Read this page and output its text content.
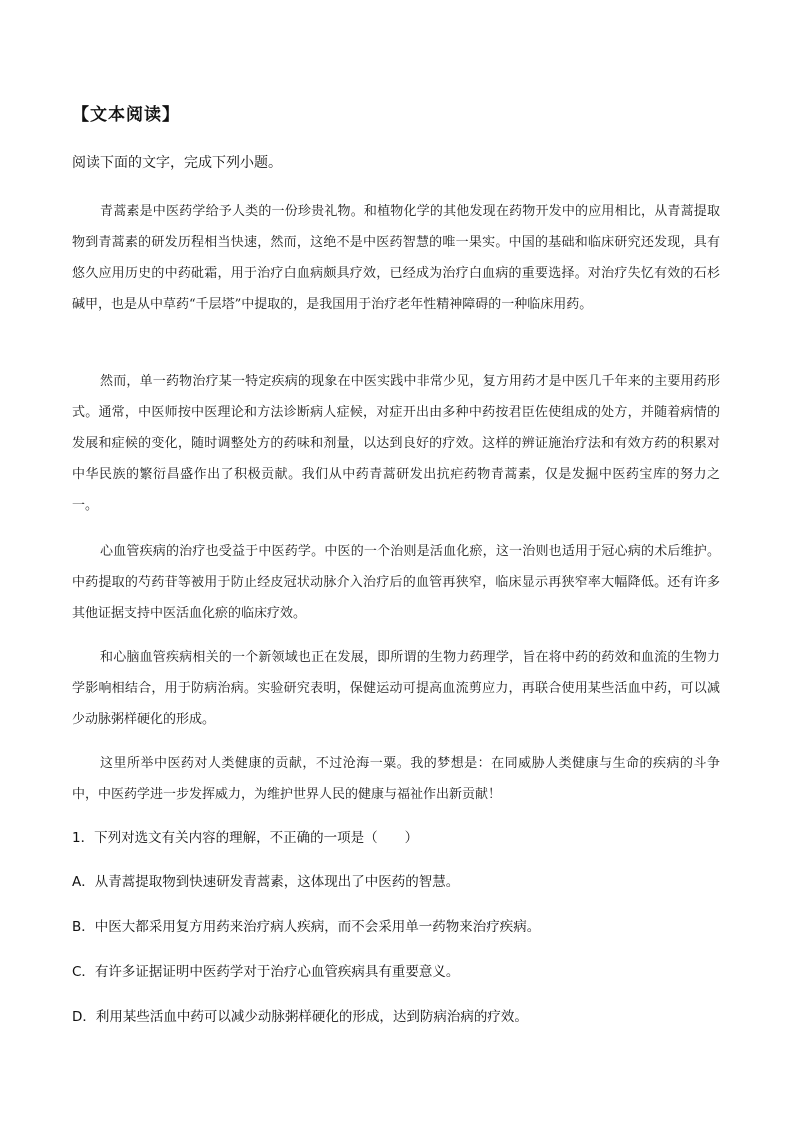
【文本阅读】
阅读下面的文字，完成下列小题。
青蒿素是中医药学给予人类的一份珍贵礼物。和植物化学的其他发现在药物开发中的应用相比，从青蒿提取物到青蒿素的研发历程相当快速，然而，这绝不是中医药智慧的唯一果实。中国的基础和临床研究还发现，具有悠久应用历史的中药砒霜，用于治疗白血病颇具疗效，已经成为治疗白血病的重要选择。对治疗失忆有效的石杉碱甲，也是从中草药“千层塔”中提取的，是我国用于治疗老年性精神障碍的一种临床用药。
然而，单一药物治疗某一特定疾病的现象在中医实践中非常少见，复方用药才是中医几千年来的主要用药形式。通常，中医师按中医理论和方法诊断病人症候，对症开出由多种中药按君臣佐使组成的处方，并随着病情的发展和症候的变化，随时调整处方的药味和剂量，以达到良好的疗效。这样的辨证施治疗法和有效方药的积累对中华民族的繁衍昌盛作出了积极贡献。我们从中药青蒿研发出抗疟药物青蒿素，仅是发掘中医药宝库的努力之一。
心血管疾病的治疗也受益于中医药学。中医的一个治则是活血化瘀，这一治则也适用于冠心病的术后维护。中药提取的芍药苷等被用于防止经皮冠状动脉介入治疗后的血管再狭窄，临床显示再狭窄率大幅降低。还有许多其他证据支持中医活血化瘀的临床疗效。
和心脑血管疾病相关的一个新领域也正在发展，即所谓的生物力药理学，旨在将中药的药效和血流的生物力学影响相结合，用于防病治病。实验研究表明，保健运动可提高血流剪应力，再联合使用某些活血中药，可以减少动脉粥样硬化的形成。
这里所举中医药对人类健康的贡献，不过沧海一粟。我的梦想是：在同威胁人类健康与生命的疾病的斗争中，中医药学进一步发挥威力，为维护世界人民的健康与福祉作出新贡献！
1．下列对选文有关内容的理解，不正确的一项是（　　）
A．从青蒿提取物到快速研发青蒿素，这体现出了中医药的智慧。
B．中医大都采用复方用药来治疗病人疾病，而不会采用单一药物来治疗疾病。
C．有许多证据证明中医药学对于治疗心血管疾病具有重要意义。
D．利用某些活血中药可以减少动脉粥样硬化的形成，达到防病治病的疗效。
